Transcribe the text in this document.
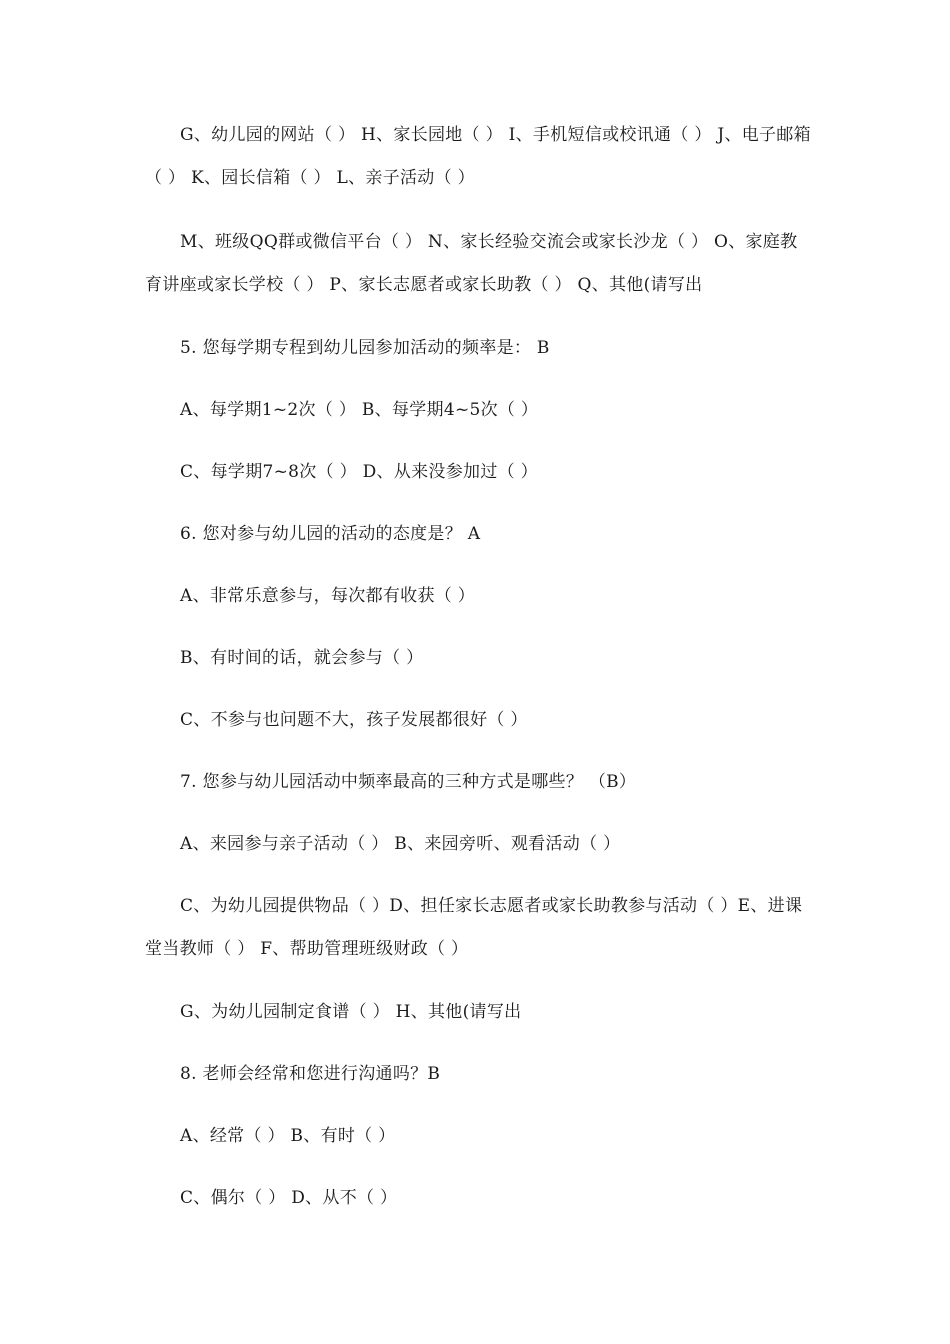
G、幼儿园的网站（ ） H、家长园地（ ） I、手机短信或校讯通（ ） J、电子邮箱（ ） K、园长信箱（ ） L、亲子活动（ ）

M、班级QQ群或微信平台（ ） N、家长经验交流会或家长沙龙（ ） O、家庭教育讲座或家长学校（ ） P、家长志愿者或家长助教（ ） Q、其他(请写出

5. 您每学期专程到幼儿园参加活动的频率是： B

A、每学期1~2次（ ） B、每学期4~5次（ ）

C、每学期7~8次（ ） D、从来没参加过（ ）

6. 您对参与幼儿园的活动的态度是？ A

A、非常乐意参与，每次都有收获（ ）

B、有时间的话，就会参与（ ）

C、不参与也问题不大，孩子发展都很好（ ）

7. 您参与幼儿园活动中频率最高的三种方式是哪些？ （B）

A、来园参与亲子活动（ ） B、来园旁听、观看活动（ ）

C、为幼儿园提供物品（ ）D、担任家长志愿者或家长助教参与活动（ ）E、进课堂当教师（ ） F、帮助管理班级财政（ ）

G、为幼儿园制定食谱（ ） H、其他(请写出

8. 老师会经常和您进行沟通吗？B

A、经常（ ） B、有时（ ）

C、偶尔（ ） D、从不（ ）
